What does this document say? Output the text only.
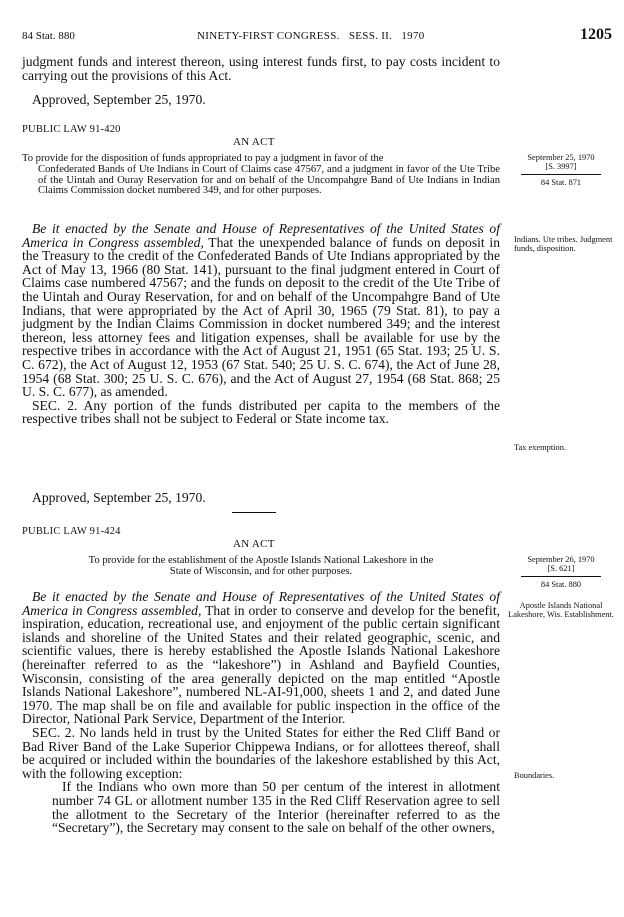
84 Stat. 880	NINETY-FIRST CONGRESS.   SESS. II.   1970	1205

judgment funds and interest thereon, using interest funds first, to pay costs incident to carrying out the provisions of this Act.

Approved, September 25, 1970.
PUBLIC LAW 91-420
AN ACT
To provide for the disposition of funds appropriated to pay a judgment in favor of the
Confederated Bands of Ute Indians in Court of Claims case 47567, and a judgment in favor of the Ute Tribe of the Uintah and Ouray Reservation for and on behalf of the Uncompahgre Band of Ute Indians in Indian Claims Commission docket numbered 349, and for other purposes.
September 25, 1970
[S. 3997]
84 Stat. 871

Be it enacted by the Senate and House of Representatives of the United States of America in Congress assembled, That the unexpended balance of funds on deposit in the Treasury to the credit of the Confederated Bands of Ute Indians appropriated by the Act of May 13, 1966 (80 Stat. 141), pursuant to the final judgment entered in Court of Claims case numbered 47567; and the funds on deposit to the credit of the Ute Tribe of the Uintah and Ouray Reservation, for and on behalf of the Uncompahgre Band of Ute Indians, that were appropriated by the Act of April 30, 1965 (79 Stat. 81), to pay a judgment by the Indian Claims Commission in docket numbered 349; and the interest thereon, less attorney fees and litigation expenses, shall be available for use by the respective tribes in accordance with the Act of August 21, 1951 (65 Stat. 193; 25 U. S. C. 672), the Act of August 12, 1953 (67 Stat. 540; 25 U. S. C. 674), the Act of June 28, 1954 (68 Stat. 300; 25 U. S. C. 676), and the Act of August 27, 1954 (68 Stat. 868; 25 U. S. C. 677), as amended.

SEC. 2. Any portion of the funds distributed per capita to the members of the respective tribes shall not be subject to Federal or State income tax.

Indians. Ute tribes. Judgment funds, disposition.
Tax exemption.
Approved, September 25, 1970.
PUBLIC LAW 91-424
AN ACT
To provide for the establishment of the Apostle Islands National Lakeshore in the
State of Wisconsin, and for other purposes.
September 26, 1970
[S. 621]
84 Stat. 880

Be it enacted by the Senate and House of Representatives of the United States of America in Congress assembled, That in order to conserve and develop for the benefit, inspiration, education, recreational use, and enjoyment of the public certain significant islands and shoreline of the United States and their related geographic, scenic, and scientific values, there is hereby established the Apostle Islands National Lakeshore (hereinafter referred to as the “lakeshore”) in Ashland and Bayfield Counties, Wisconsin, consisting of the area generally depicted on the map entitled “Apostle Islands National Lakeshore”, numbered NL-AI-91,000, sheets 1 and 2, and dated June 1970. The map shall be on file and available for public inspection in the office of the Director, National Park Service, Department of the Interior.

SEC. 2. No lands held in trust by the United States for either the Red Cliff Band or Bad River Band of the Lake Superior Chippewa Indians, or for allottees thereof, shall be acquired or included within the boundaries of the lakeshore established by this Act, with the following exception:

If the Indians who own more than 50 per centum of the interest in allotment number 74 GL or allotment number 135 in the Red Cliff Reservation agree to sell the allotment to the Secretary of the Interior (hereinafter referred to as the “Secretary”), the Secretary may consent to the sale on behalf of the other owners,

Apostle Islands National Lakeshore, Wis. Establishment.
Boundaries.
